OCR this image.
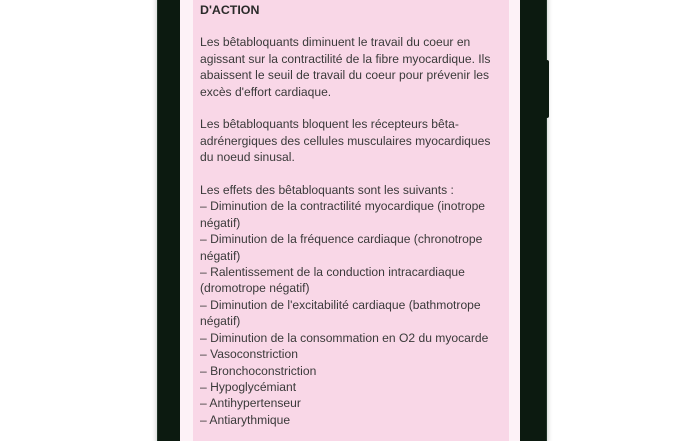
D'ACTION

Les bêtabloquants diminuent le travail du coeur en agissant sur la contractilité de la fibre myocardique. Ils abaissent le seuil de travail du coeur pour prévenir les excès d'effort cardiaque.

Les bêtabloquants bloquent les récepteurs bêta-adrénergiques des cellules musculaires myocardiques du noeud sinusal.

Les effets des bêtabloquants sont les suivants :

– Diminution de la contractilité myocardique (inotrope négatif)
– Diminution de la fréquence cardiaque (chronotrope négatif)
– Ralentissement de la conduction intracardiaque (dromotrope négatif)
– Diminution de l'excitabilité cardiaque (bathmotrope négatif)
– Diminution de la consommation en O2 du myocarde
– Vasoconstriction
– Bronchoconstriction
– Hypoglycémiant
– Antihypertenseur
– Antiarythmique
